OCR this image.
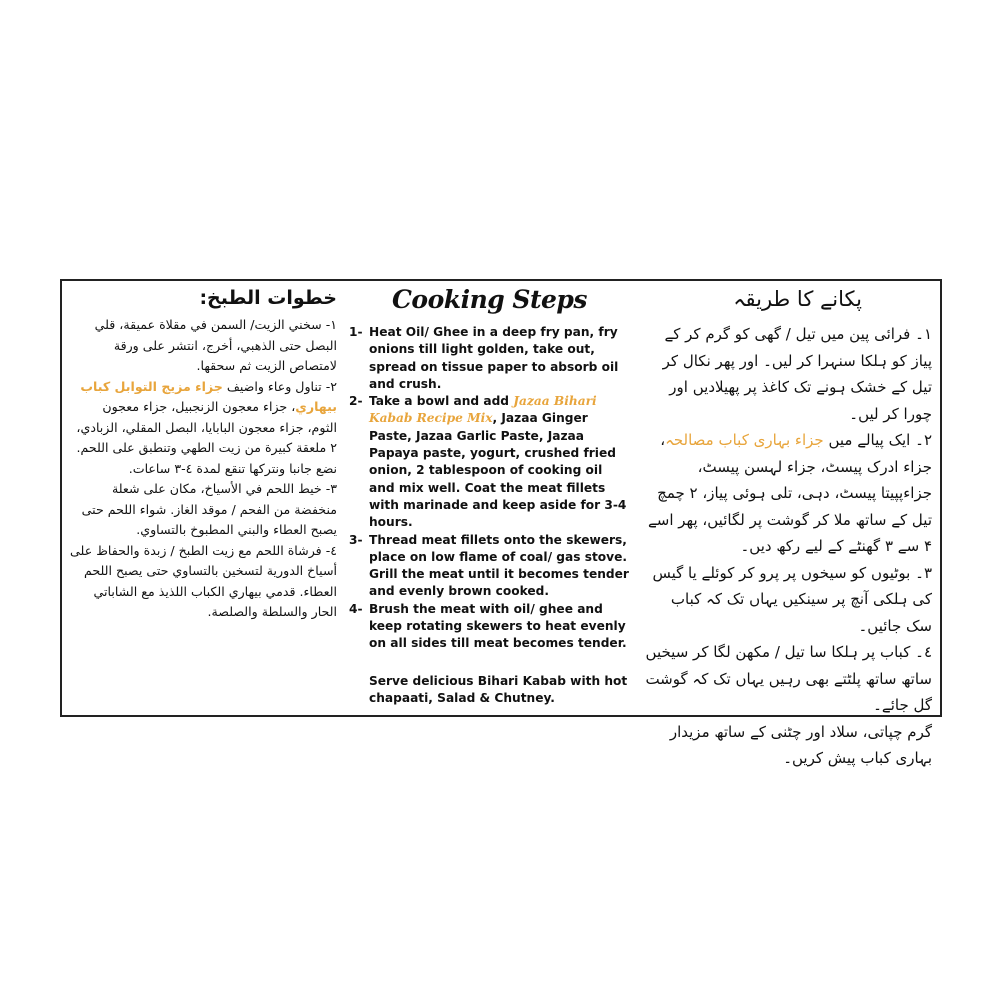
خطوات الطبخ:

١- سخني الزيت/ السمن في مقلاة عميقة، قلي البصل حتى الذهبي، أخرج، انتشر على ورقة لامتصاص الزيت ثم سحقها.

٢- تناول وعاء واضيف جزاء مزيج التوابل كباب بيهاري، جزاء معجون الزنجبيل، جزاء معجون الثوم، جزاء معجون البابايا، البصل المقلي، الزبادي، ٢ ملعقة كبيرة من زيت الطهي وتنطبق على اللحم. نضع جانبا ونتركها تنقع لمدة ٤-٣ ساعات.

٣- خيط اللحم في الأسياخ، مكان على شعلة منخفضة من الفحم / موقد الغاز. شواء اللحم حتى يصبح العطاء والبني المطبوخ بالتساوي.

٤- فرشاة اللحم مع زيت الطبخ / زبدة والحفاظ على أسياخ الدورية لتسخين بالتساوي حتى يصبح اللحم العطاء. قدمي بيهاري الكباب اللذيذ مع الشاباتي الحار والسلطة والصلصة.

Cooking Steps
1- Heat Oil/ Ghee in a deep fry pan, fry onions till light golden, take out, spread on tissue paper to absorb oil and crush.
2- Take a bowl and add Jazaa Bihari Kabab Recipe Mix, Jazaa Ginger Paste, Jazaa Garlic Paste, Jazaa Papaya paste, yogurt, crushed fried onion, 2 tablespoon of cooking oil and mix well. Coat the meat fillets with marinade and keep aside for 3-4 hours.
3- Thread meat fillets onto the skewers, place on low flame of coal/ gas stove. Grill the meat until it becomes tender and evenly brown cooked.
4- Brush the meat with oil/ ghee and keep rotating skewers to heat evenly on all sides till meat becomes tender.
Serve delicious Bihari Kabab with hot chapaati, Salad & Chutney.
پکانے کا طریقہ

١۔ فرائی پین میں تیل / گھی کو گرم کر کے پیاز کو ہلکا سنہرا کر لیں۔ اور پھر نکال کر تیل کے خشک ہونے تک کاغذ پر پھیلادیں اور چورا کر لیں۔

٢۔ ایک پیالے میں جزاء بہاری کباب مصالحہ، جزاء ادرک پیسٹ، جزاء لہسن پیسٹ، جزاءپپیتا پیسٹ، دہی، تلی ہوئی پیاز، ۲ چمچ تیل کے ساتھ ملا کر گوشت پر لگائیں، پھر اسے ۴ سے ۳ گھنٹے کے لیے رکھ دیں۔

٣۔ بوٹیوں کو سیخوں پر پرو کر کوئلے یا گیس کی ہلکی آنچ پر سینکیں یہاں تک کہ کباب سک جائیں۔

٤۔ کباب پر ہلکا سا تیل / مکھن لگا کر سیخیں ساتھ ساتھ پلٹتے بھی رہیں یہاں تک کہ گوشت گل جائے۔

گرم چپاتی، سلاد اور چٹنی کے ساتھ مزیدار بہاری کباب پیش کریں۔
